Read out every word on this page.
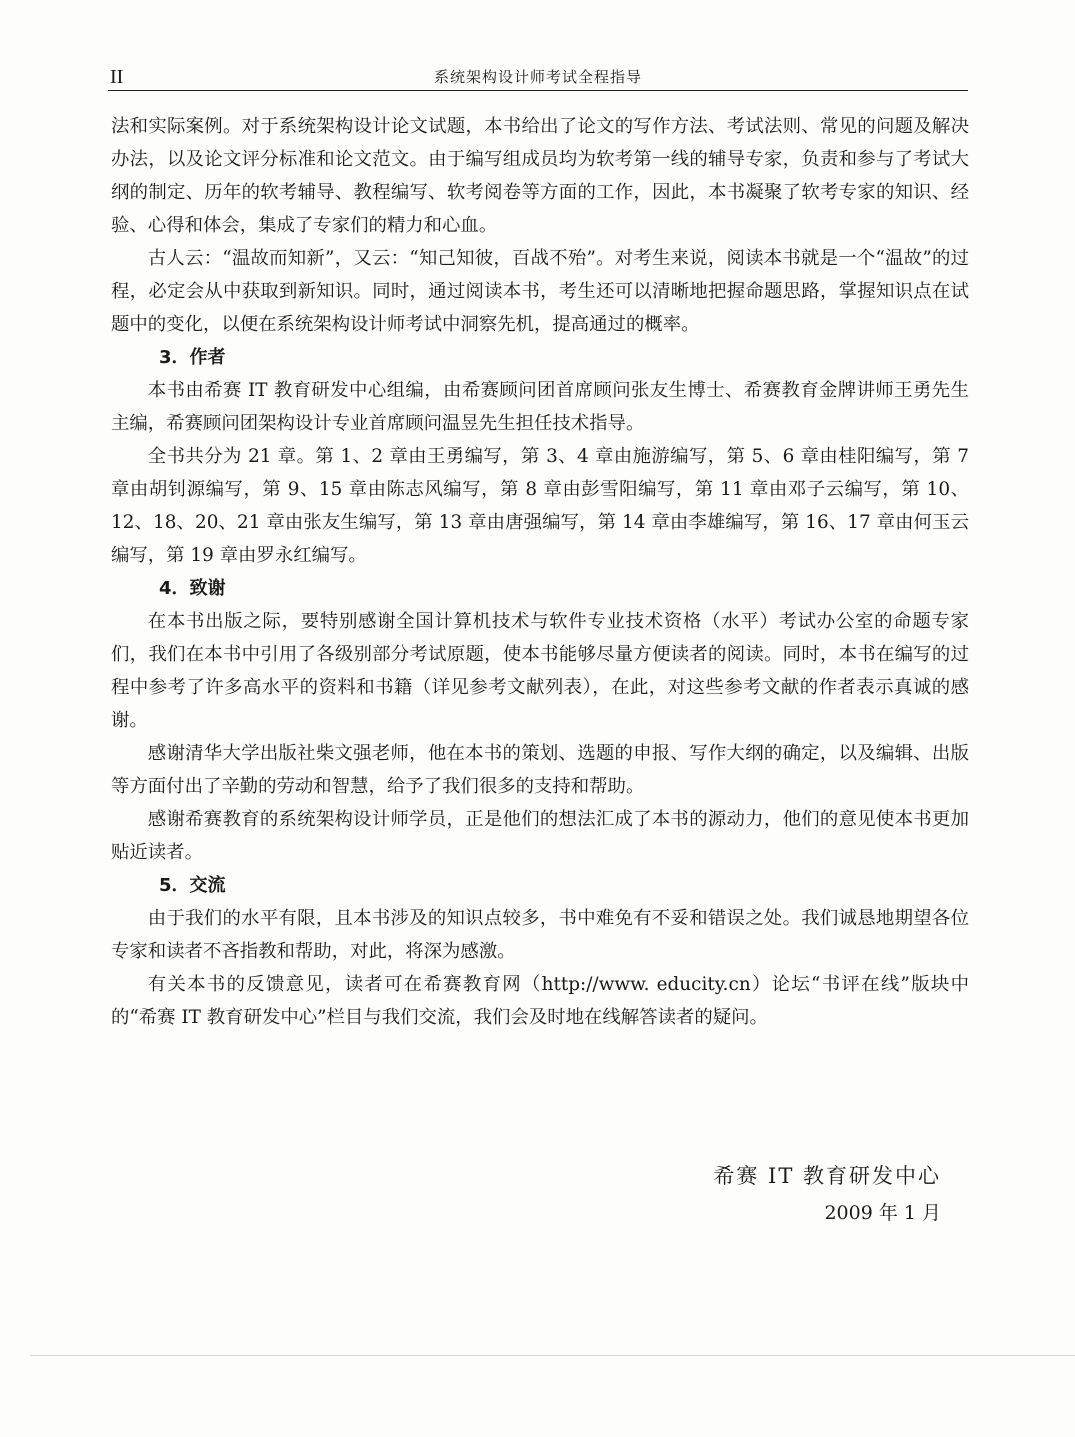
II	系统架构设计师考试全程指导

法和实际案例。对于系统架构设计论文试题，本书给出了论文的写作方法、考试法则、常见的问题及解决办法，以及论文评分标准和论文范文。由于编写组成员均为软考第一线的辅导专家，负责和参与了考试大纲的制定、历年的软考辅导、教程编写、软考阅卷等方面的工作，因此，本书凝聚了软考专家的知识、经验、心得和体会，集成了专家们的精力和心血。

古人云：“温故而知新”，又云：“知己知彼，百战不殆”。对考生来说，阅读本书就是一个“温故”的过程，必定会从中获取到新知识。同时，通过阅读本书，考生还可以清晰地把握命题思路，掌握知识点在试题中的变化，以便在系统架构设计师考试中洞察先机，提高通过的概率。

3．作者

本书由希赛 IT 教育研发中心组编，由希赛顾问团首席顾问张友生博士、希赛教育金牌讲师王勇先生主编，希赛顾问团架构设计专业首席顾问温昱先生担任技术指导。

全书共分为 21 章。第 1、2 章由王勇编写，第 3、4 章由施游编写，第 5、6 章由桂阳编写，第 7 章由胡钊源编写，第 9、15 章由陈志风编写，第 8 章由彭雪阳编写，第 11 章由邓子云编写，第 10、12、18、20、21 章由张友生编写，第 13 章由唐强编写，第 14 章由李雄编写，第 16、17 章由何玉云编写，第 19 章由罗永红编写。

4．致谢

在本书出版之际，要特别感谢全国计算机技术与软件专业技术资格（水平）考试办公室的命题专家们，我们在本书中引用了各级别部分考试原题，使本书能够尽量方便读者的阅读。同时，本书在编写的过程中参考了许多高水平的资料和书籍（详见参考文献列表），在此，对这些参考文献的作者表示真诚的感谢。

感谢清华大学出版社柴文强老师，他在本书的策划、选题的申报、写作大纲的确定，以及编辑、出版等方面付出了辛勤的劳动和智慧，给予了我们很多的支持和帮助。

感谢希赛教育的系统架构设计师学员，正是他们的想法汇成了本书的源动力，他们的意见使本书更加贴近读者。

5．交流

由于我们的水平有限，且本书涉及的知识点较多，书中难免有不妥和错误之处。我们诚恳地期望各位专家和读者不吝指教和帮助，对此，将深为感激。

有关本书的反馈意见，读者可在希赛教育网（http://www. educity.cn）论坛“书评在线”版块中的“希赛 IT 教育研发中心”栏目与我们交流，我们会及时地在线解答读者的疑问。

希赛 IT 教育研发中心
2009 年 1 月
